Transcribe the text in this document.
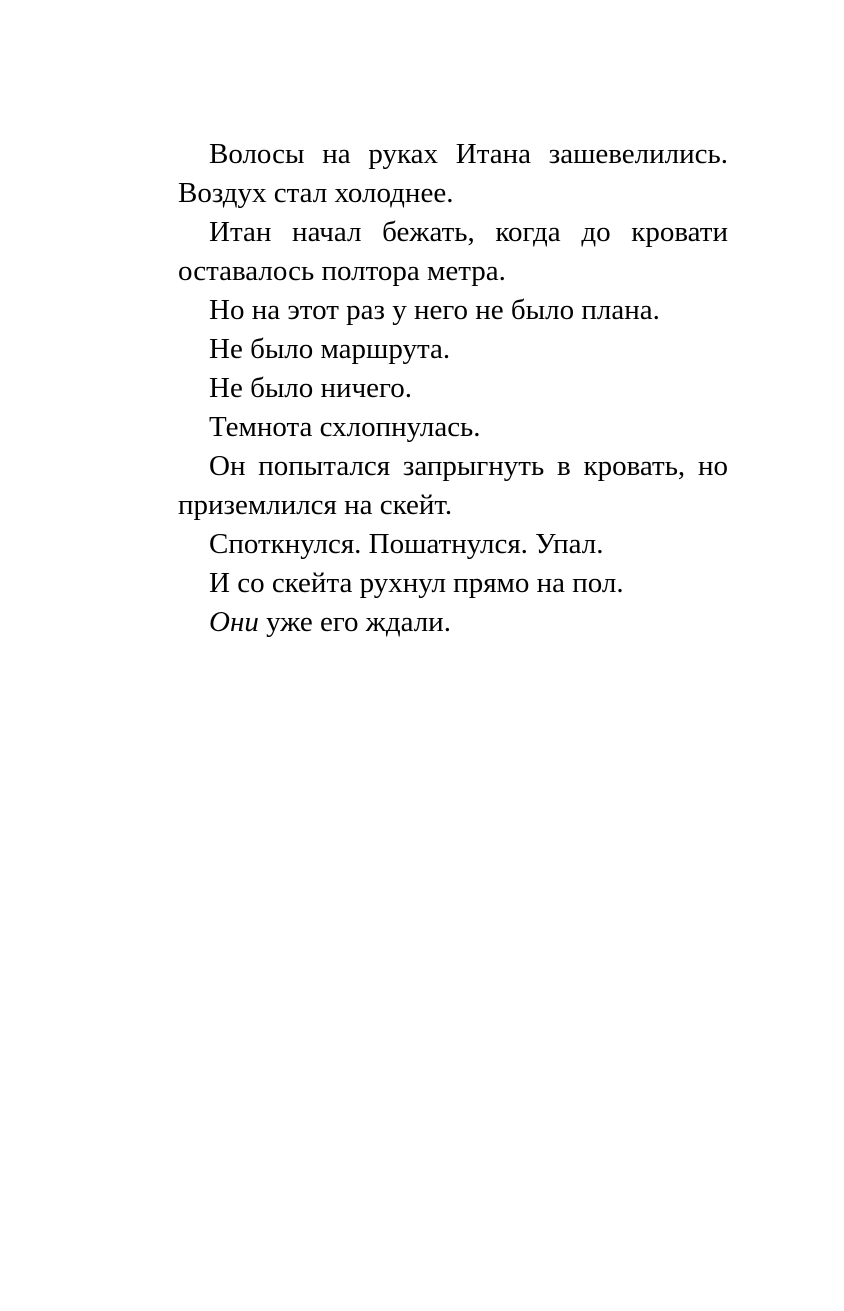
Волосы на руках Итана зашевелились. Воздух стал холоднее.

Итан начал бежать, когда до кровати оставалось полтора метра.

Но на этот раз у него не было плана.

Не было маршрута.

Не было ничего.

Темнота схлопнулась.

Он попытался запрыгнуть в кровать, но приземлился на скейт.

Споткнулся. Пошатнулся. Упал.

И со скейта рухнул прямо на пол.

Они уже его ждали.
